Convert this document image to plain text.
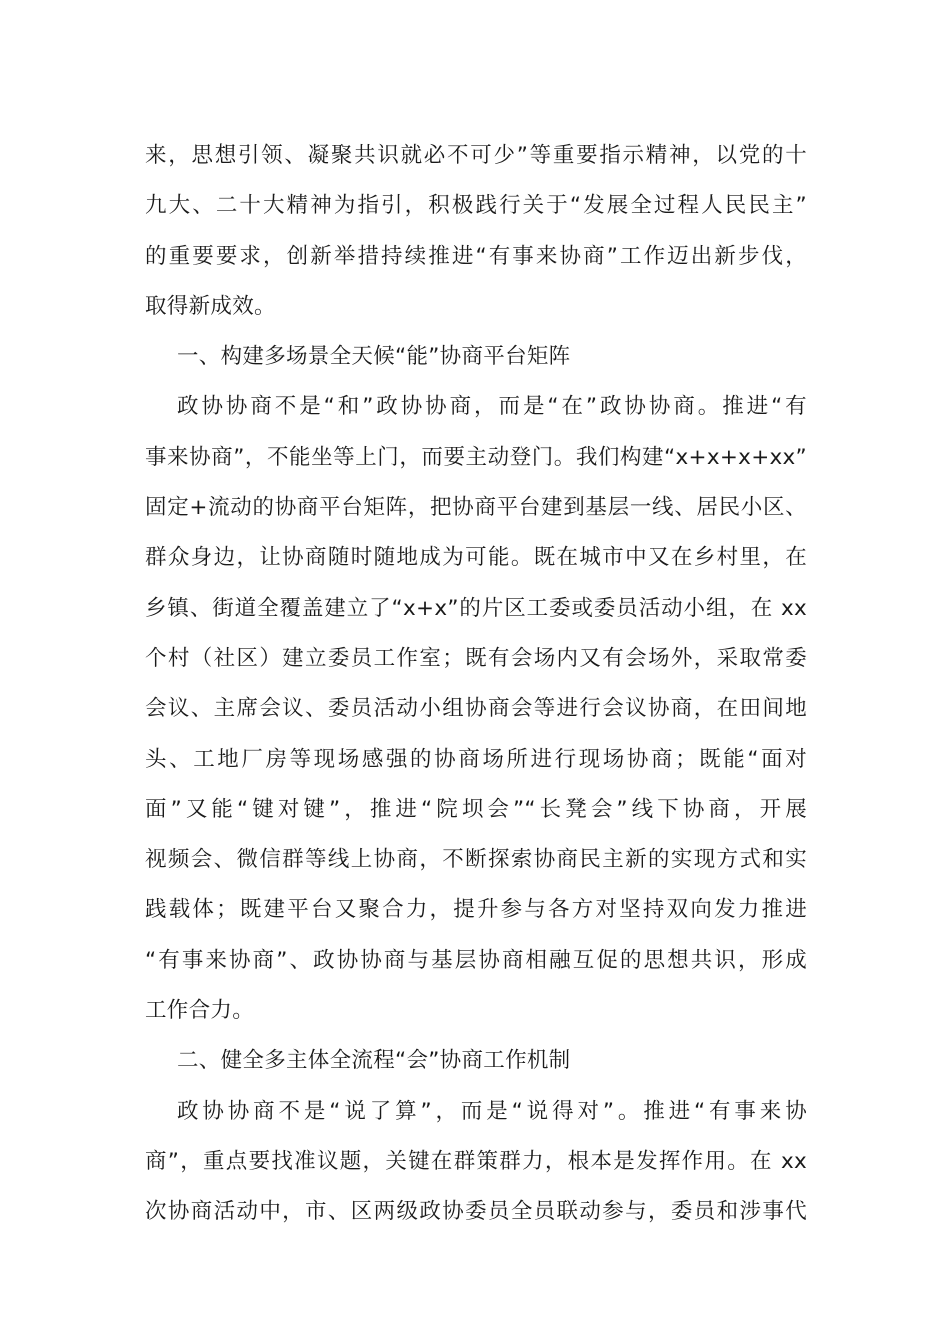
来，思想引领、凝聚共识就必不可少”等重要指示精神，以党的十
九大、二十大精神为指引，积极践行关于“发展全过程人民民主”
的重要要求，创新举措持续推进“有事来协商”工作迈出新步伐，
取得新成效。
一、构建多场景全天候“能”协商平台矩阵
政协协商不是“和”政协协商，而是“在”政协协商。推进“有
事来协商”，不能坐等上门，而要主动登门。我们构建“x+x+x+xx”
固定+流动的协商平台矩阵，把协商平台建到基层一线、居民小区、
群众身边，让协商随时随地成为可能。既在城市中又在乡村里，在
乡镇、街道全覆盖建立了“x+x”的片区工委或委员活动小组，在 xx
个村（社区）建立委员工作室；既有会场内又有会场外，采取常委
会议、主席会议、委员活动小组协商会等进行会议协商，在田间地
头、工地厂房等现场感强的协商场所进行现场协商；既能“面对
面”又能“键对键”，推进“院坝会”“长凳会”线下协商，开展
视频会、微信群等线上协商，不断探索协商民主新的实现方式和实
践载体；既建平台又聚合力，提升参与各方对坚持双向发力推进
“有事来协商”、政协协商与基层协商相融互促的思想共识，形成
工作合力。
二、健全多主体全流程“会”协商工作机制
政协协商不是“说了算”，而是“说得对”。推进“有事来协
商”，重点要找准议题，关键在群策群力，根本是发挥作用。在 xx
次协商活动中，市、区两级政协委员全员联动参与，委员和涉事代
